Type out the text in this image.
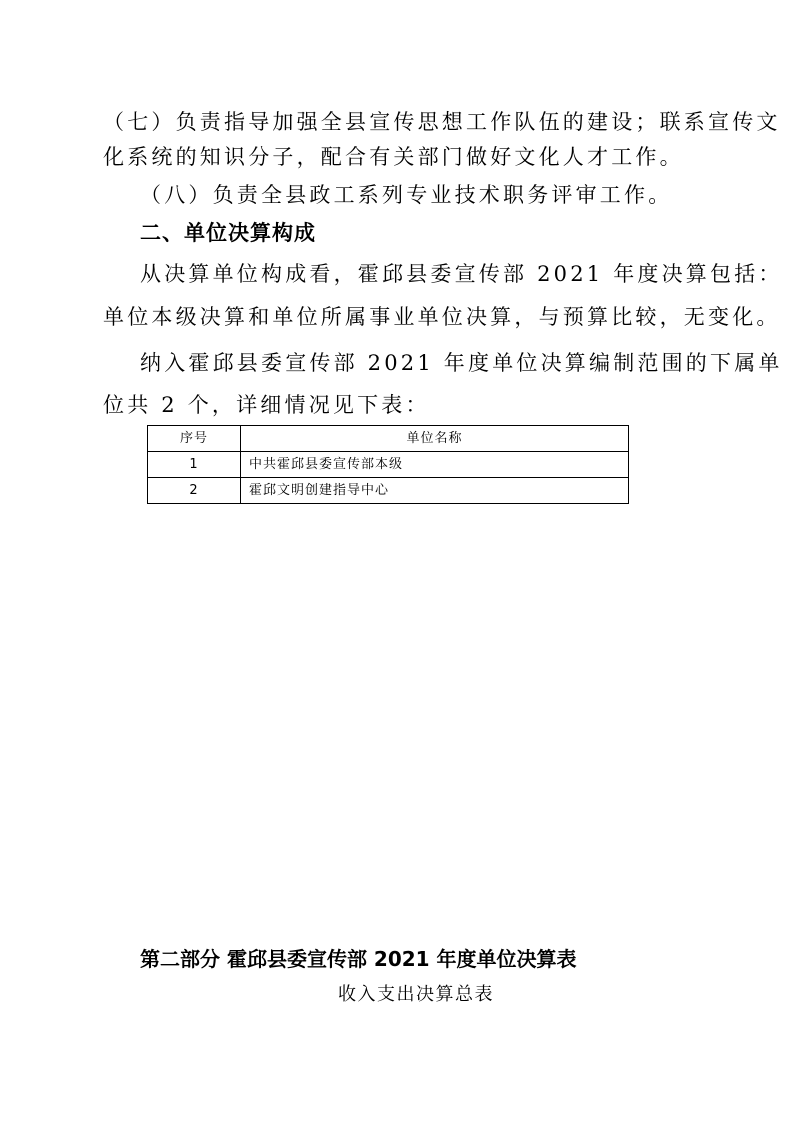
（七）负责指导加强全县宣传思想工作队伍的建设；联系宣传文

化系统的知识分子，配合有关部门做好文化人才工作。

（八）负责全县政工系列专业技术职务评审工作。

二、单位决算构成

从决算单位构成看，霍邱县委宣传部 2021 年度决算包括：

单位本级决算和单位所属事业单位决算，与预算比较，无变化。

纳入霍邱县委宣传部 2021 年度单位决算编制范围的下属单

位共 2 个，详细情况见下表：

序号	单位名称
1	中共霍邱县委宣传部本级
2	霍邱文明创建指导中心

第二部分 霍邱县委宣传部 2021 年度单位决算表

收入支出决算总表
